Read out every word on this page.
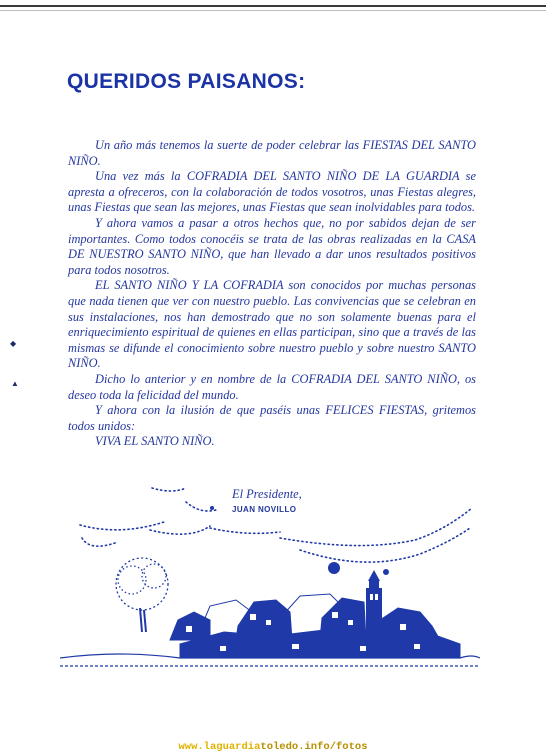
QUERIDOS PAISANOS:

Un año más tenemos la suerte de poder celebrar las FIESTAS DEL SANTO NIÑO.

Una vez más la COFRADIA DEL SANTO NIÑO DE LA GUARDIA se apresta a ofreceros, con la colaboración de todos vosotros, unas Fiestas alegres, unas Fiestas que sean las mejores, unas Fiestas que sean inolvidables para todos.

Y ahora vamos a pasar a otros hechos que, no por sabidos dejan de ser importantes. Como todos conocéis se trata de las obras realizadas en la CASA DE NUESTRO SANTO NIÑO, que han llevado a dar unos resultados positivos para todos nosotros.

EL SANTO NIÑO Y LA COFRADIA son conocidos por muchas personas que nada tienen que ver con nuestro pueblo. Las convivencias que se celebran en sus instalaciones, nos han demostrado que no son solamente buenas para el enriquecimiento espiritual de quienes en ellas participan, sino que a través de las mismas se difunde el conocimiento sobre nuestro pueblo y sobre nuestro SANTO NIÑO.

Dicho lo anterior y en nombre de la COFRADIA DEL SANTO NIÑO, os deseo toda la felicidad del mundo.

Y ahora con la ilusión de que paséis unas FELICES FIESTAS, gritemos todos unidos:

VIVA EL SANTO NIÑO.

◆
▲
El Presidente,
JUAN NOVILLO
www.laguardiatoledo.info/fotos
